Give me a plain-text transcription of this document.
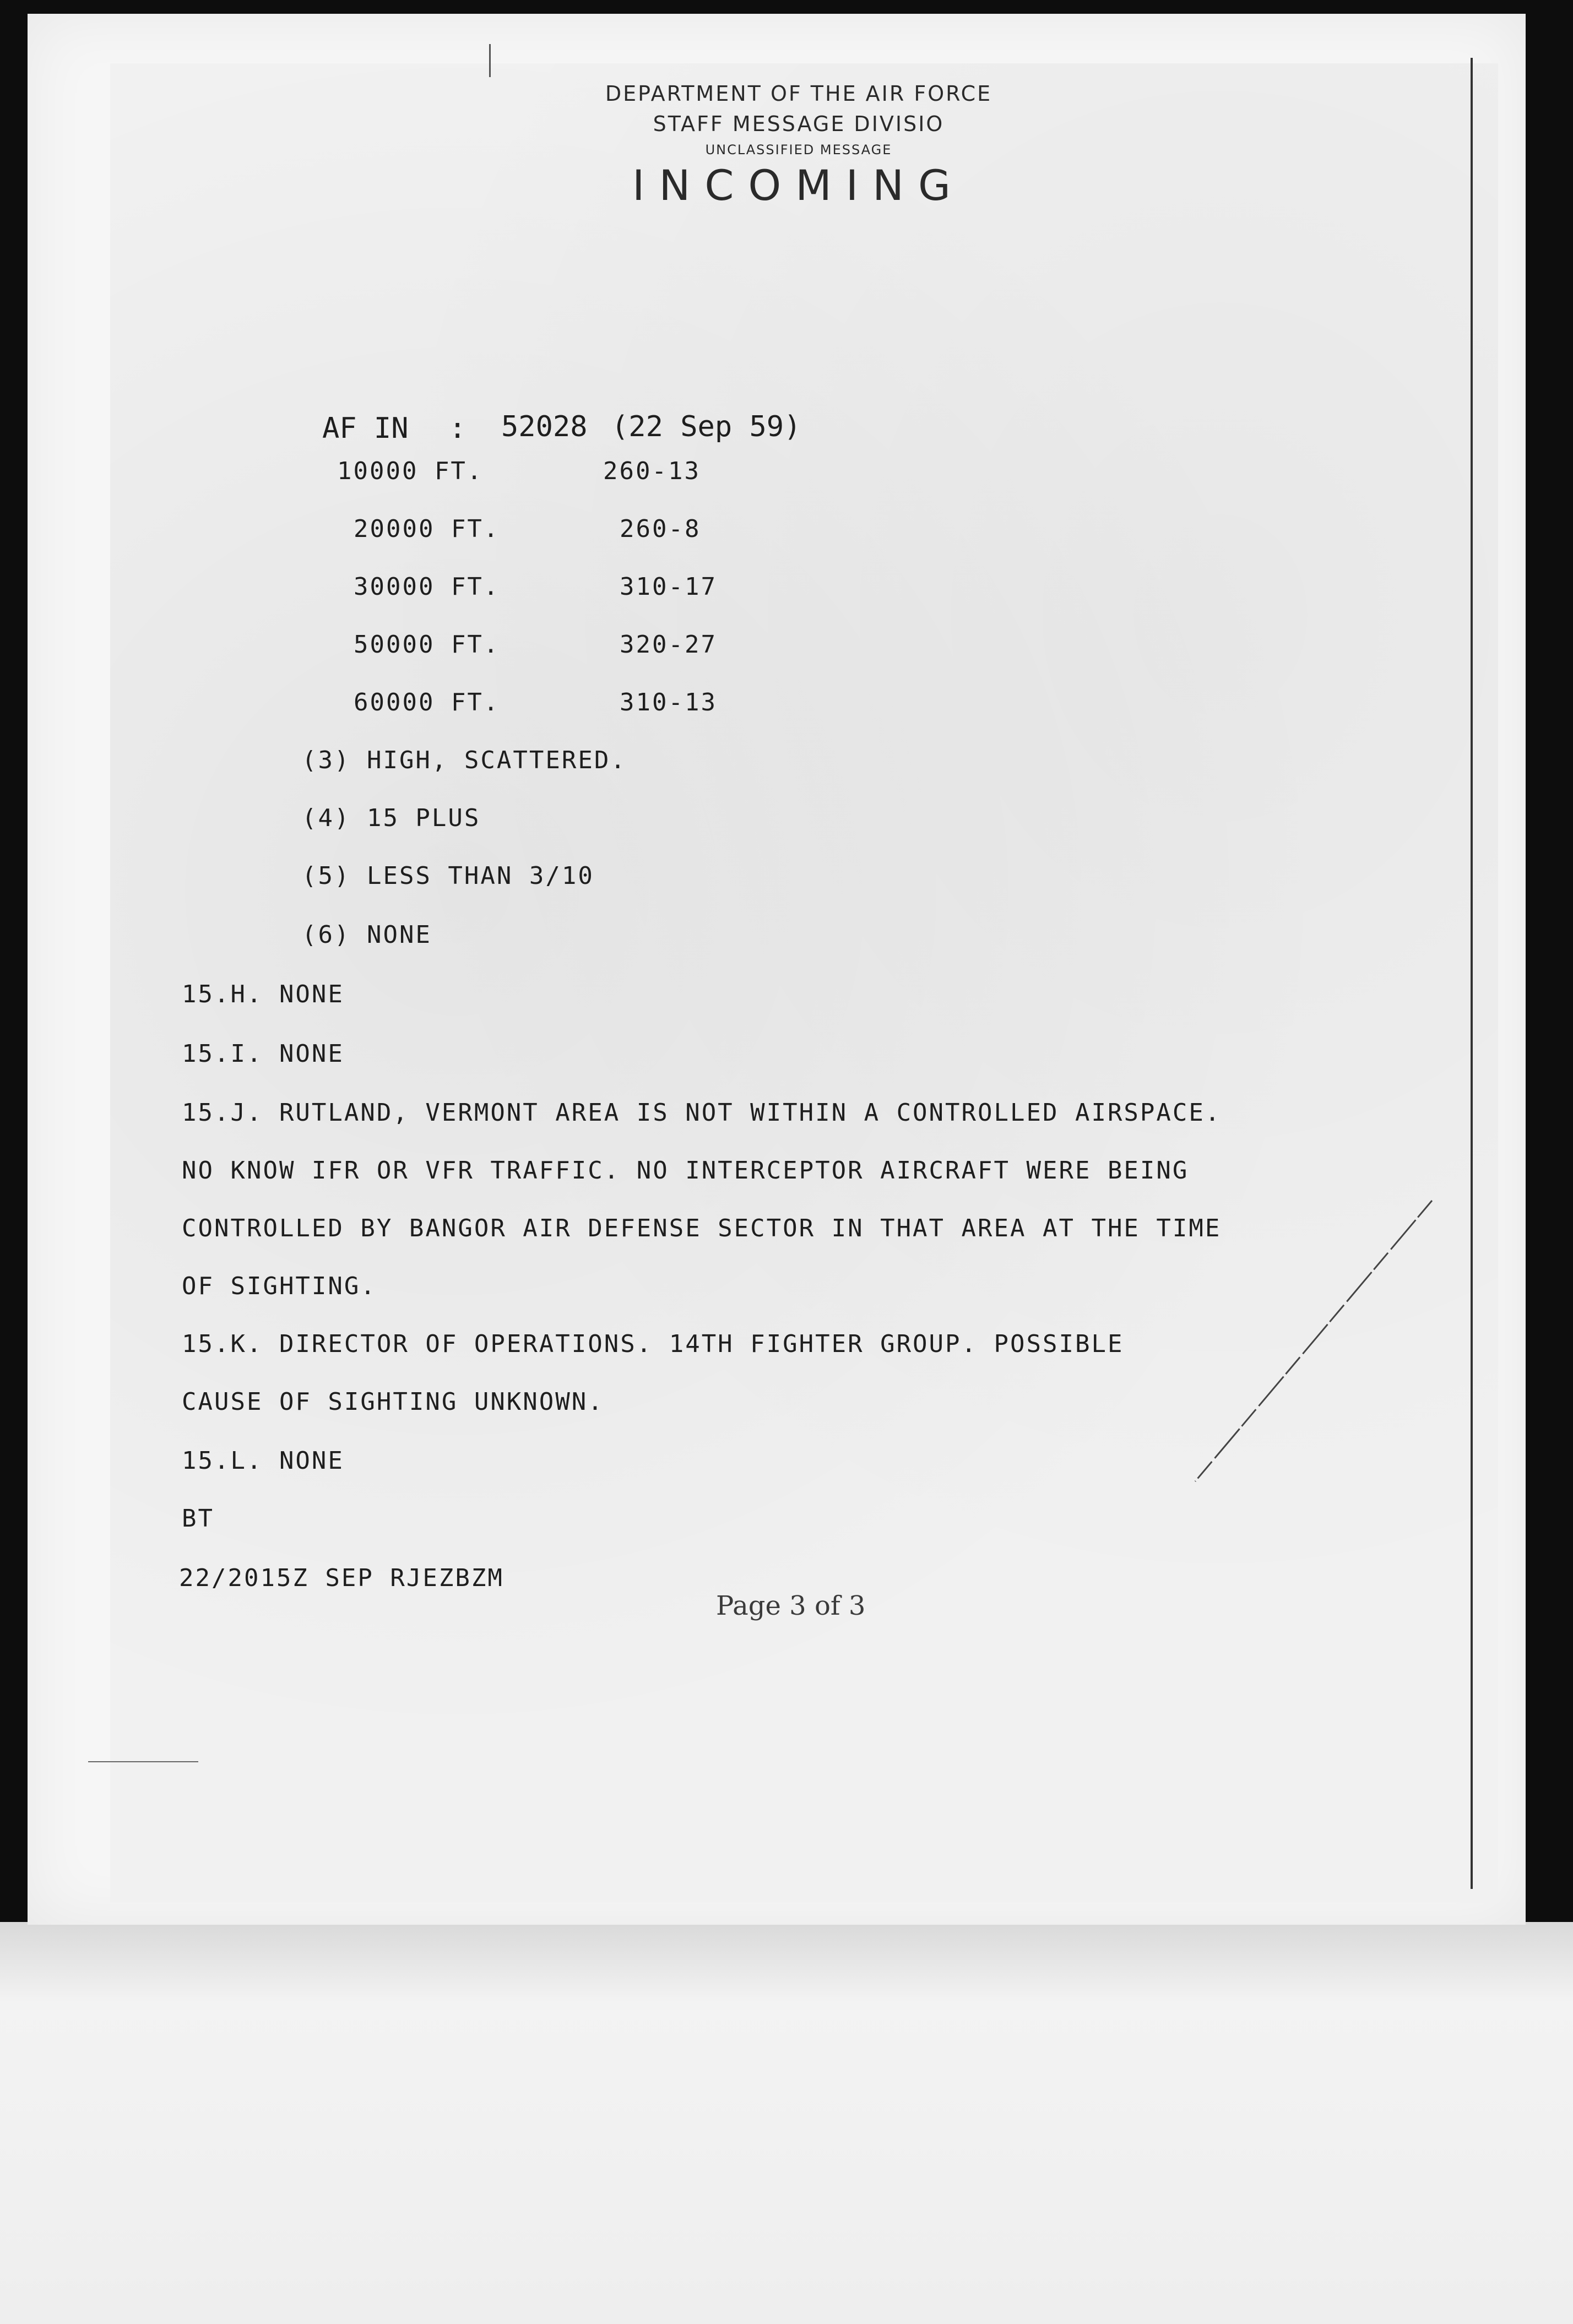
DEPARTMENT OF THE AIR FORCE
STAFF MESSAGE DIVISIO
UNCLASSIFIED MESSAGE
INCOMING
AF IN : 52028 (22 Sep 59)
10000 FT.	260-13
20000 FT.	260-8
30000 FT.	310-17
50000 FT.	320-27
60000 FT.	310-13
(3) HIGH, SCATTERED.
(4) 15 PLUS
(5) LESS THAN 3/10
(6) NONE
15.H. NONE
15.I. NONE
15.J. RUTLAND, VERMONT AREA IS NOT WITHIN A CONTROLLED AIRSPACE.
NO KNOW IFR OR VFR TRAFFIC. NO INTERCEPTOR AIRCRAFT WERE BEING
CONTROLLED BY BANGOR AIR DEFENSE SECTOR IN THAT AREA AT THE TIME
OF SIGHTING.
15.K. DIRECTOR OF OPERATIONS. 14TH FIGHTER GROUP. POSSIBLE
CAUSE OF SIGHTING UNKNOWN.
15.L. NONE
BT
22/2015Z SEP RJEZBZM
Page 3 of 3
